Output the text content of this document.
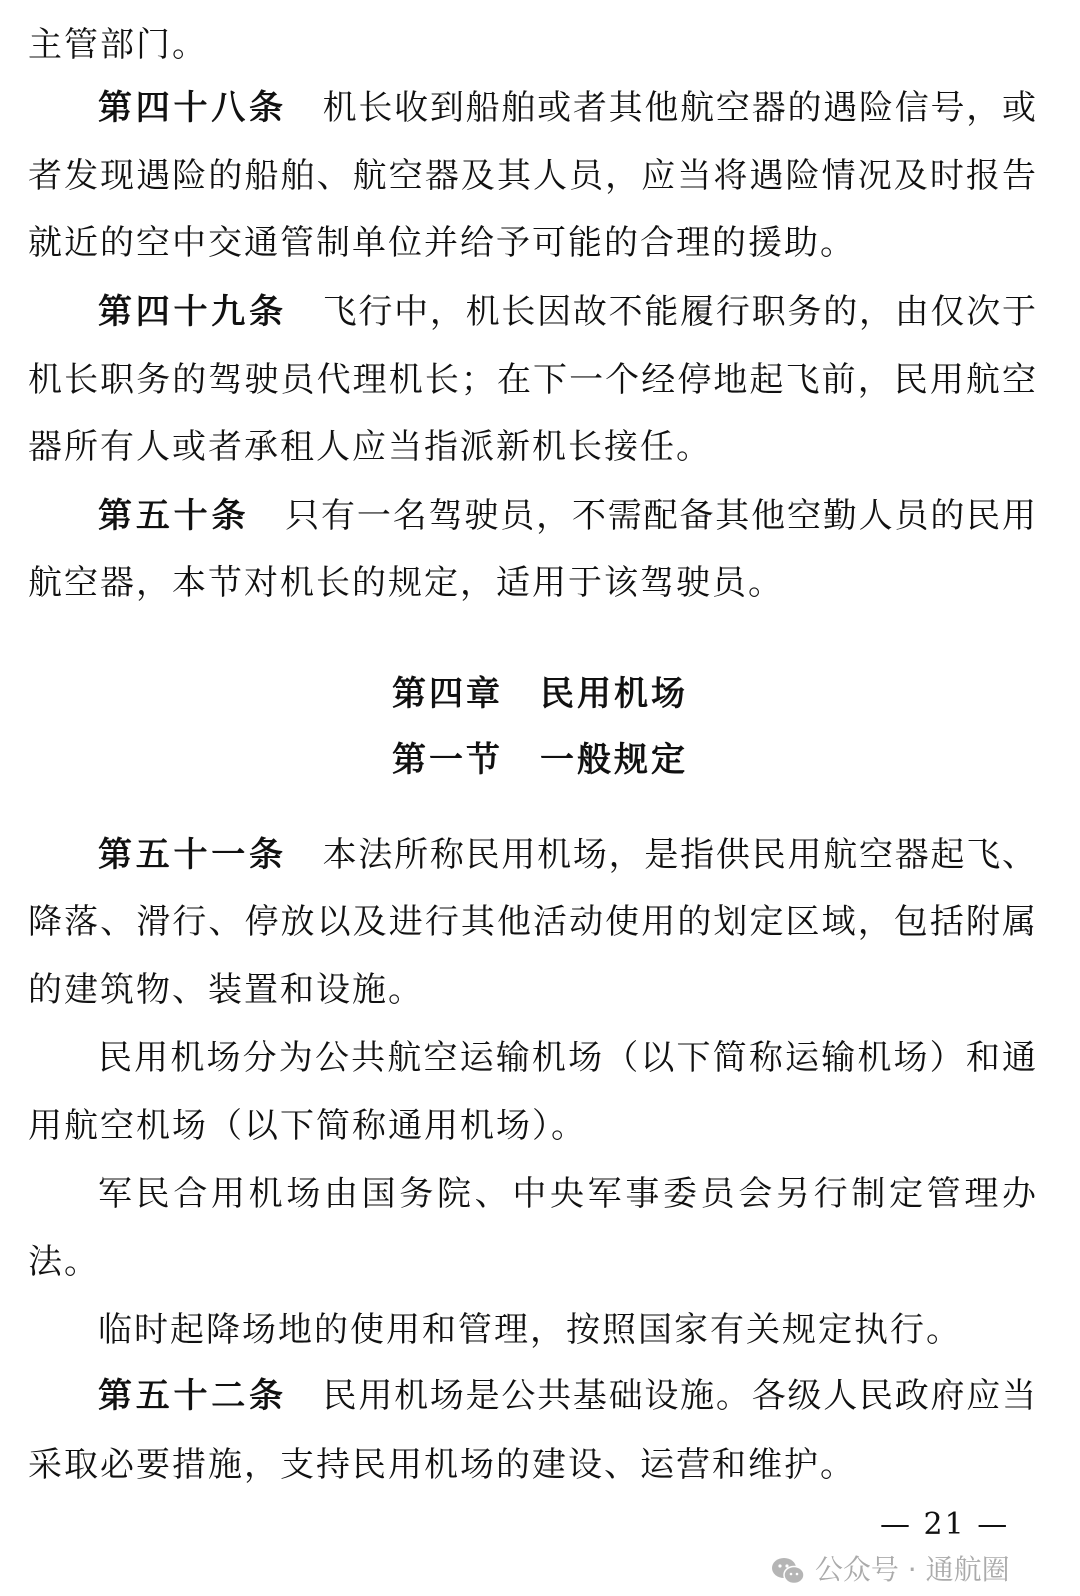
主管部门。
第四十八条　 机长收到船舶或者其他航空器的遇险信号，或
者发现遇险的船舶、航空器及其人员，应当将遇险情况及时报告
就近的空中交通管制单位并给予可能的合理的援助。
第四十九条　 飞行中，机长因故不能履行职务的，由仅次于
机长职务的驾驶员代理机长；在下一个经停地起飞前，民用航空
器所有人或者承租人应当指派新机长接任。
第五十条　 只有一名驾驶员，不需配备其他空勤人员的民用
航空器，本节对机长的规定，适用于该驾驶员。
第四章　民用机场
第一节　一般规定
第五十一条　 本法所称民用机场，是指供民用航空器起飞、
降落、滑行、停放以及进行其他活动使用的划定区域，包括附属
的建筑物、装置和设施。
民用机场分为公共航空运输机场（以下简称运输机场）和通
用航空机场（以下简称通用机场）。
军民合用机场由国务院、中央军事委员会另行制定管理办
法。
临时起降场地的使用和管理，按照国家有关规定执行。
第五十二条　 民用机场是公共基础设施。各级人民政府应当
采取必要措施，支持民用机场的建设、运营和维护。
— 21 —
公众号 · 通航圈
